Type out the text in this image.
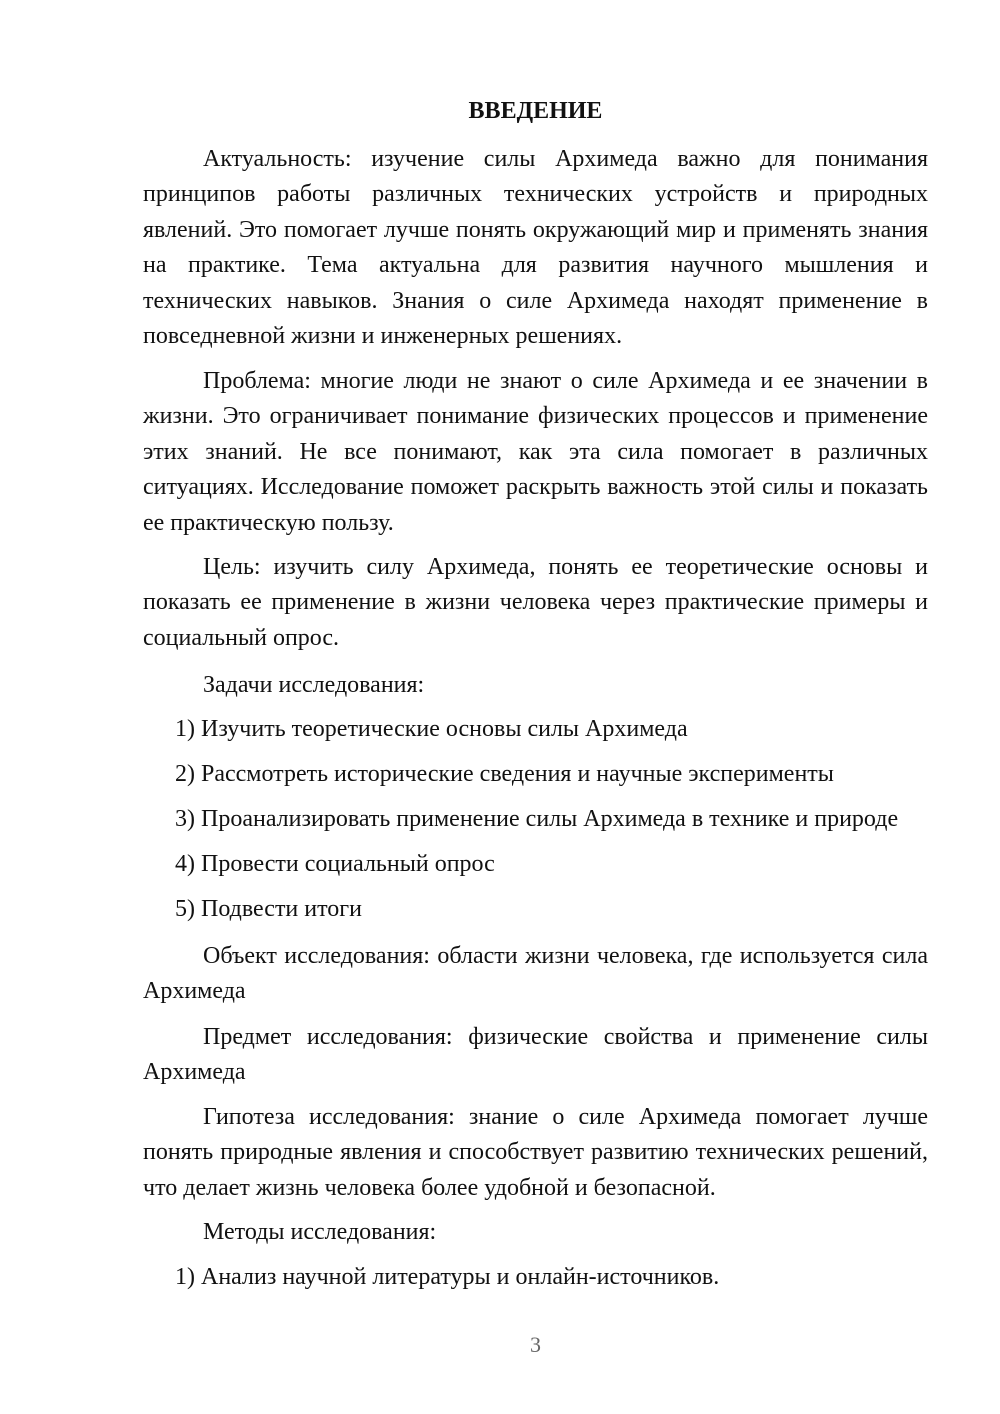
ВВЕДЕНИЕ

Актуальность: изучение силы Архимеда важно для понимания принципов работы различных технических устройств и природных явлений. Это помогает лучше понять окружающий мир и применять знания на практике. Тема актуальна для развития научного мышления и технических навыков. Знания о силе Архимеда находят применение в повседневной жизни и инженерных решениях.

Проблема: многие люди не знают о силе Архимеда и ее значении в жизни. Это ограничивает понимание физических процессов и применение этих знаний. Не все понимают, как эта сила помогает в различных ситуациях. Исследование поможет раскрыть важность этой силы и показать ее практическую пользу.

Цель: изучить силу Архимеда, понять ее теоретические основы и показать ее применение в жизни человека через практические примеры и социальный опрос.

Задачи исследования:
1) Изучить теоретические основы силы Архимеда
2) Рассмотреть исторические сведения и научные эксперименты
3) Проанализировать применение силы Архимеда в технике и природе
4) Провести социальный опрос
5) Подвести итоги

Объект исследования: области жизни человека, где используется сила Архимеда

Предмет исследования: физические свойства и применение силы Архимеда

Гипотеза исследования: знание о силе Архимеда помогает лучше понять природные явления и способствует развитию технических решений, что делает жизнь человека более удобной и безопасной.

Методы исследования:
1) Анализ научной литературы и онлайн-источников.
3
